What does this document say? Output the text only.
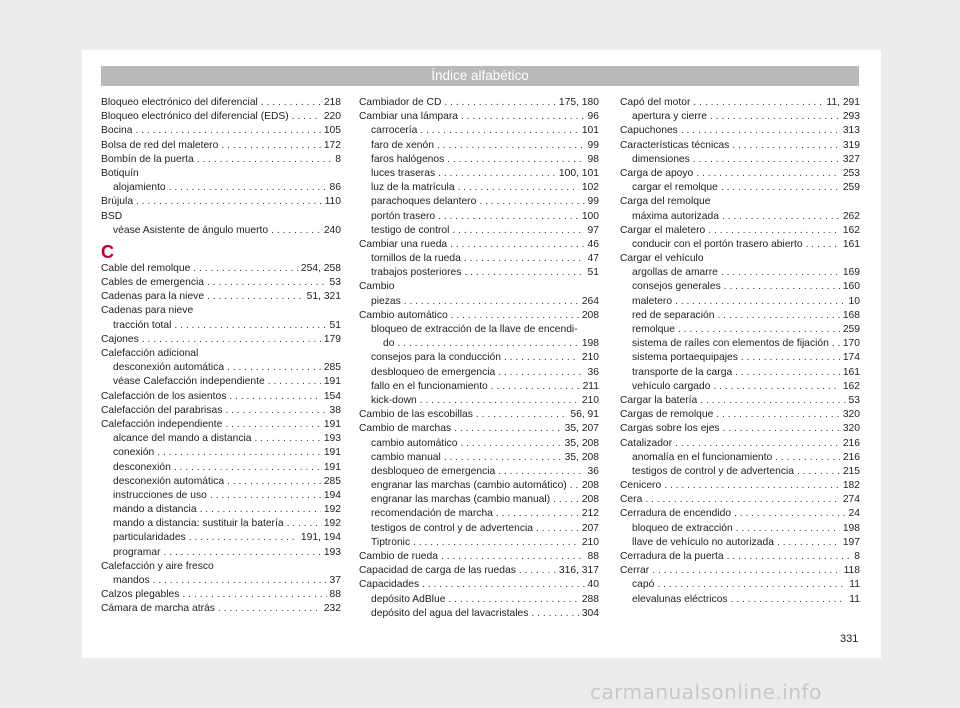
Índice alfabético
Bloqueo electrónico del diferencial . . .	218
Bloqueo electrónico del diferencial (EDS) . . .	220
Bocina . . .	105
Bolsa de red del maletero . . .	172
Bombín de la puerta . . .	8
Botiquín
alojamiento . . .	86
Brújula . . .	110
BSD
véase Asistente de ángulo muerto . . .	240
C
Cable del remolque . . .	254, 258
Cables de emergencia . . .	53
Cadenas para la nieve . . .	51, 321
Cadenas para nieve
tracción total . . .	51
Cajones . . .	179
Calefacción adicional
desconexión automática . . .	285
véase Calefacción independiente . . .	191
Calefacción de los asientos . . .	154
Calefacción del parabrisas . . .	38
Calefacción independiente . . .	191
alcance del mando a distancia . . .	193
conexión . . .	191
desconexión . . .	191
desconexión automática . . .	285
instrucciones de uso . . .	194
mando a distancia . . .	192
mando a distancia: sustituir la batería . . .	192
particularidades . . .	191, 194
programar . . .	193
Calefacción y aire fresco
mandos . . .	37
Calzos plegables . . .	88
Cámara de marcha atrás . . .	232
Cambiador de CD . . .	175, 180
Cambiar una lámpara . . .	96
carrocería . . .	101
faro de xenón . . .	99
faros halógenos . . .	98
luces traseras . . .	100, 101
luz de la matrícula . . .	102
parachoques delantero . . .	99
portón trasero . . .	100
testigo de control . . .	97
Cambiar una rueda . . .	46
tornillos de la rueda . . .	47
trabajos posteriores . . .	51
Cambio
piezas . . .	264
Cambio automático . . .	208
bloqueo de extracción de la llave de encendi-
do . . .	198
consejos para la conducción . . .	210
desbloqueo de emergencia . . .	36
fallo en el funcionamiento . . .	211
kick-down . . .	210
Cambio de las escobillas . . .	56, 91
Cambio de marchas . . .	35, 207
cambio automático . . .	35, 208
cambio manual . . .	35, 208
desbloqueo de emergencia . . .	36
engranar las marchas (cambio automático) . . . 208
engranar las marchas (cambio manual) . . .	208
recomendación de marcha . . .	212
testigos de control y de advertencia . . .	207
Tiptronic . . .	210
Cambio de rueda . . .	88
Capacidad de carga de las ruedas . . .	316, 317
Capacidades . . .	40
depósito AdBlue . . .	288
depósito del agua del lavacristales . . .	304
Capó del motor . . .	11, 291
apertura y cierre . . .	293
Capuchones . . .	313
Características técnicas . . .	319
dimensiones . . .	327
Carga de apoyo . . .	253
cargar el remolque . . .	259
Carga del remolque
máxima autorizada . . .	262
Cargar el maletero . . .	162
conducir con el portón trasero abierto . . .	161
Cargar el vehículo
argollas de amarre . . .	169
consejos generales . . .	160
maletero . . .	10
red de separación . . .	168
remolque . . .	259
sistema de raíles con elementos de fijación . . . 170
sistema portaequipajes . . .	174
transporte de la carga . . .	161
vehículo cargado . . .	162
Cargar la batería . . .	53
Cargas de remolque . . .	320
Cargas sobre los ejes . . .	320
Catalizador . . .	216
anomalía en el funcionamiento . . .	216
testigos de control y de advertencia . . .	215
Cenicero . . .	182
Cera . . .	274
Cerradura de encendido . . .	24
bloqueo de extracción . . .	198
llave de vehículo no autorizada . . .	197
Cerradura de la puerta . . .	8
Cerrar . . .	118
capó . . .	11
elevalunas eléctricos . . .	11
331
carmanualsonline.info
